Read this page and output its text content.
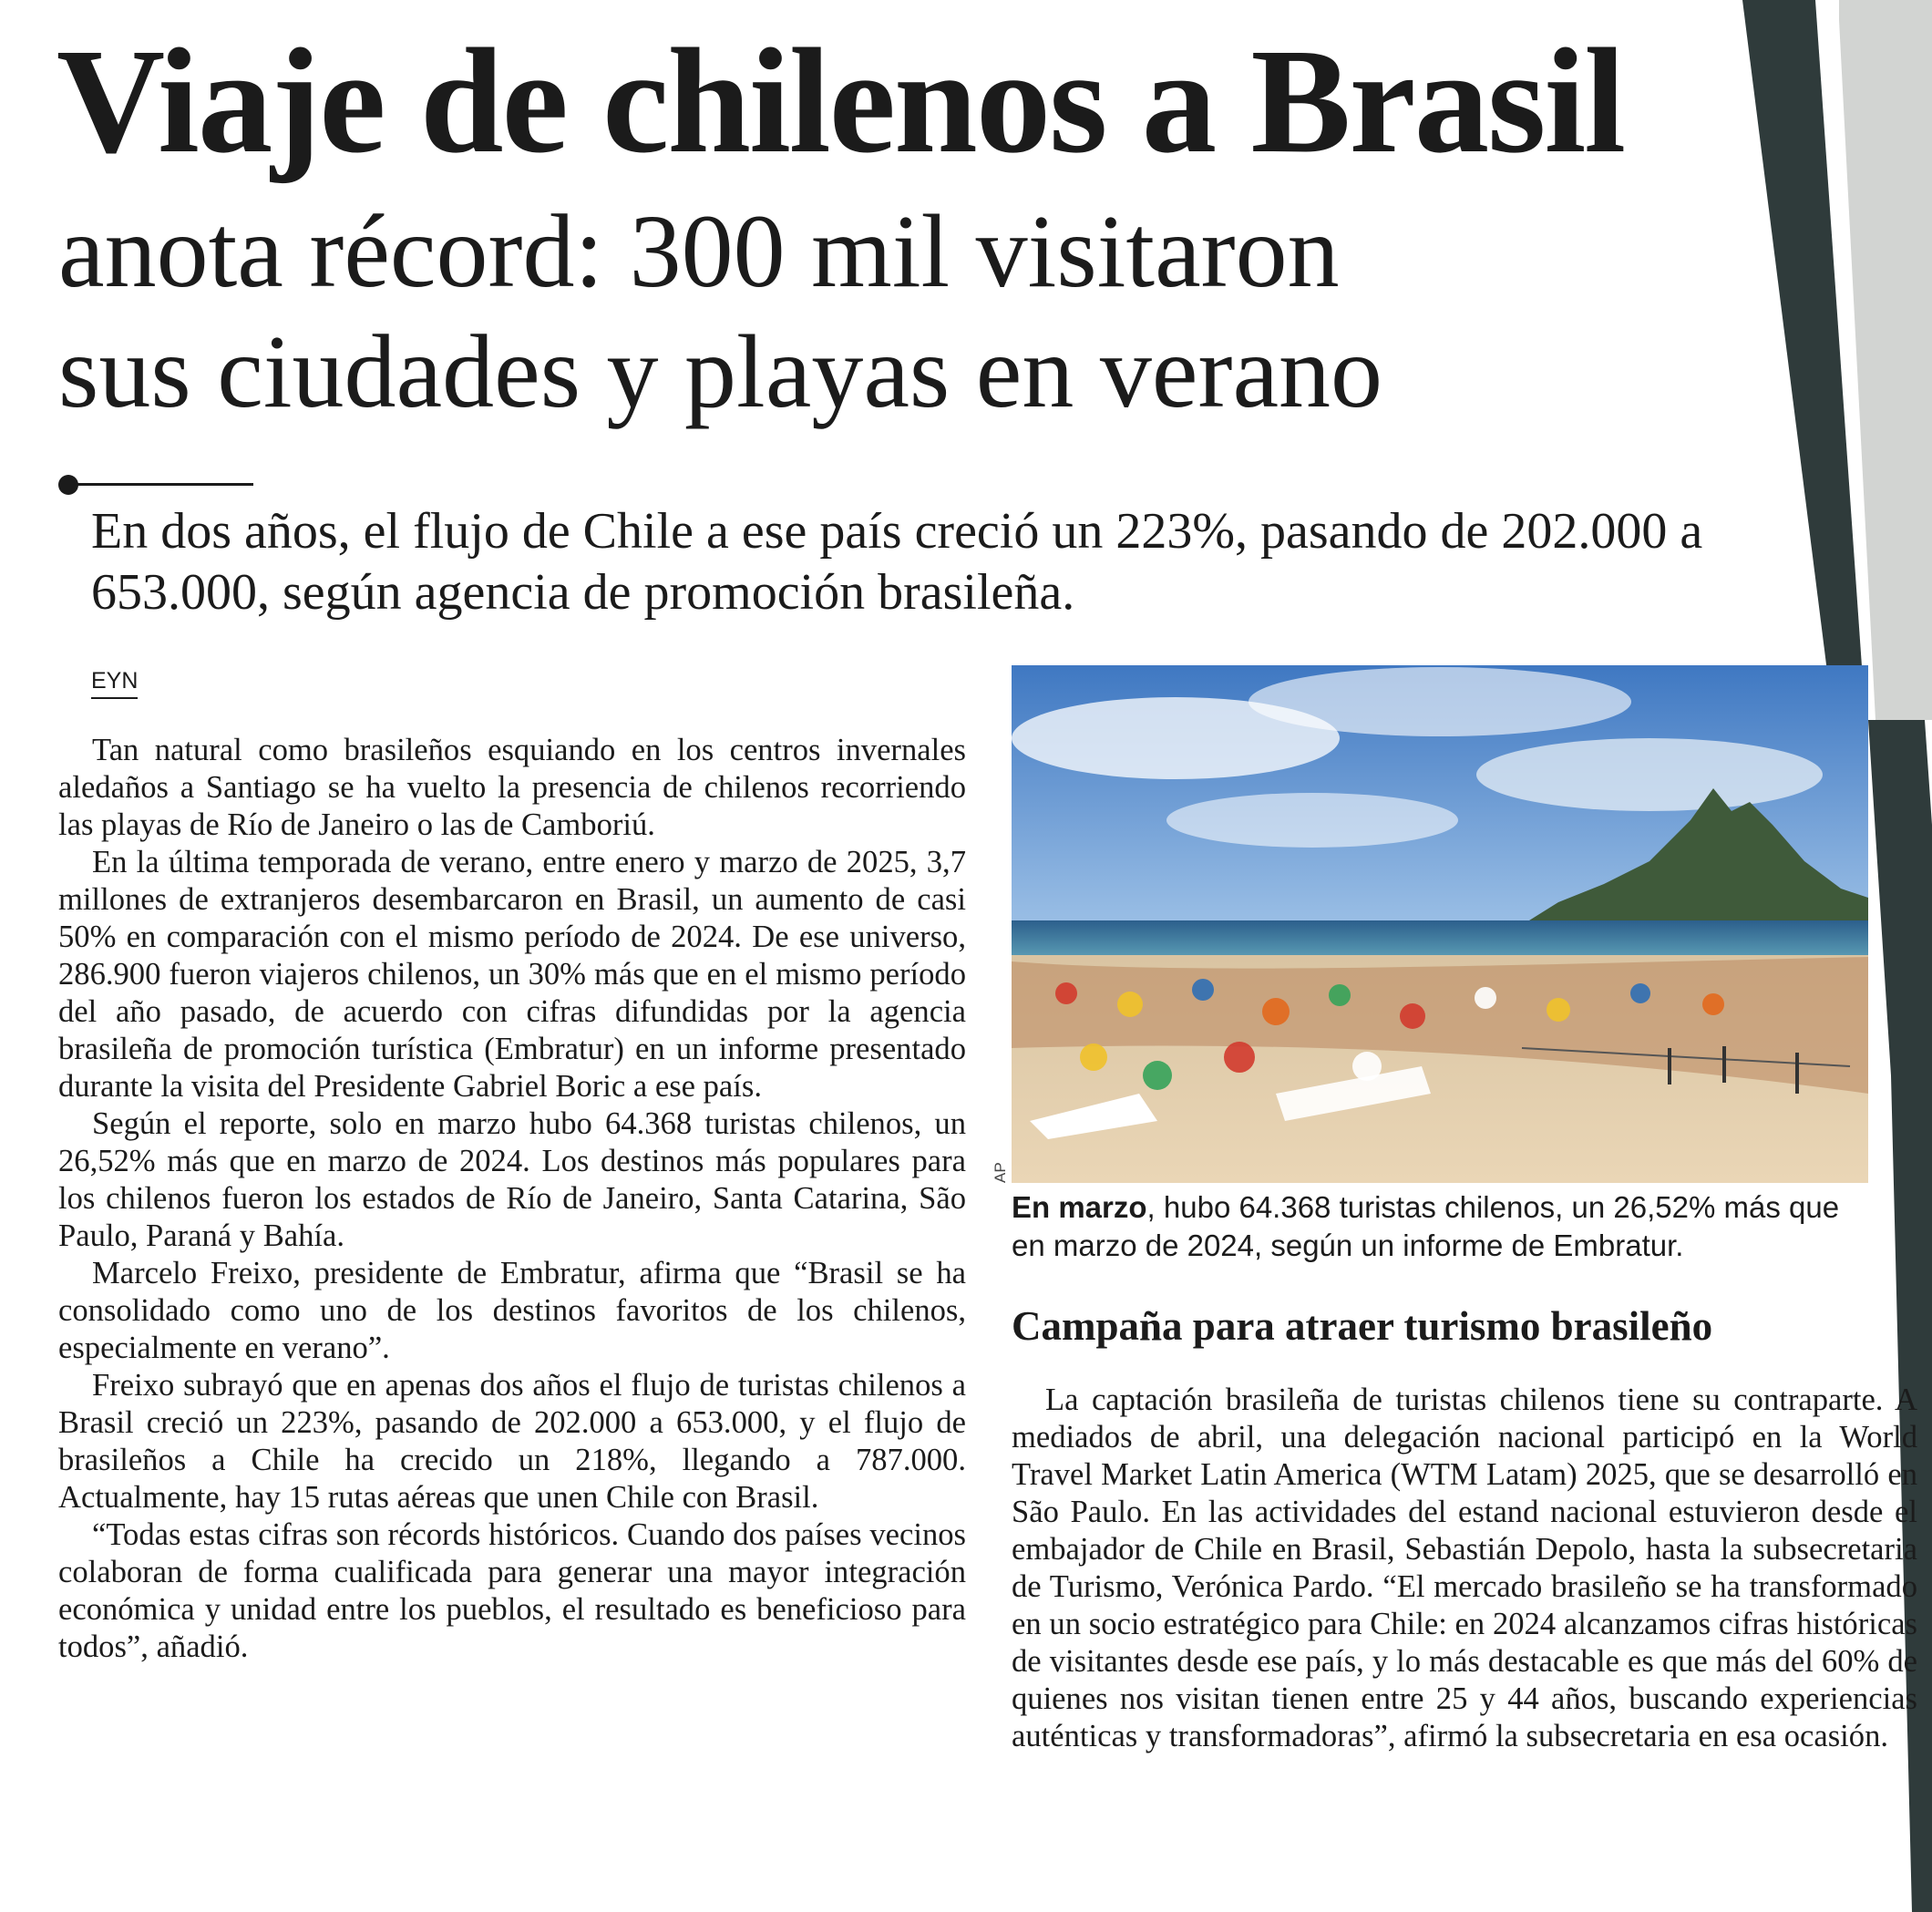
Viaje de chilenos a Brasil
anota récord: 300 mil visitaron
sus ciudades y playas en verano

En dos años, el flujo de Chile a ese país creció un 223%, pasando de 202.000 a 653.000, según agencia de promoción brasileña.

EYN

Tan natural como brasileños esquiando en los centros invernales aledaños a Santiago se ha vuelto la presencia de chilenos recorriendo las playas de Río de Janeiro o las de Camboriú.

En la última temporada de verano, entre enero y marzo de 2025, 3,7 millones de extranjeros desembarcaron en Brasil, un aumento de casi 50% en comparación con el mismo período de 2024. De ese universo, 286.900 fueron viajeros chilenos, un 30% más que en el mismo período del año pasado, de acuerdo con cifras difundidas por la agencia brasileña de promoción turística (Embratur) en un informe presentado durante la visita del Presidente Gabriel Boric a ese país.

Según el reporte, solo en marzo hubo 64.368 turistas chilenos, un 26,52% más que en marzo de 2024. Los destinos más populares para los chilenos fueron los estados de Río de Janeiro, Santa Catarina, São Paulo, Paraná y Bahía.

Marcelo Freixo, presidente de Embratur, afirma que “Brasil se ha consolidado como uno de los destinos favoritos de los chilenos, especialmente en verano”.

Freixo subrayó que en apenas dos años el flujo de turistas chilenos a Brasil creció un 223%, pasando de 202.000 a 653.000, y el flujo de brasileños a Chile ha crecido un 218%, llegando a 787.000. Actualmente, hay 15 rutas aéreas que unen Chile con Brasil.

“Todas estas cifras son récords históricos. Cuando dos países vecinos colaboran de forma cualificada para generar una mayor integración económica y unidad entre los pueblos, el resultado es beneficioso para todos”, añadió.

AP

En marzo, hubo 64.368 turistas chilenos, un 26,52% más que en marzo de 2024, según un informe de Embratur.

Campaña para atraer turismo brasileño

La captación brasileña de turistas chilenos tiene su contraparte. A mediados de abril, una delegación nacional participó en la World Travel Market Latin America (WTM Latam) 2025, que se desarrolló en São Paulo. En las actividades del estand nacional estuvieron desde el embajador de Chile en Brasil, Sebastián Depolo, hasta la subsecretaria de Turismo, Verónica Pardo. “El mercado brasileño se ha transformado en un socio estratégico para Chile: en 2024 alcanzamos cifras históricas de visitantes desde ese país, y lo más destacable es que más del 60% de quienes nos visitan tienen entre 25 y 44 años, buscando experiencias auténticas y transformadoras”, afirmó la subsecretaria en esa ocasión.
